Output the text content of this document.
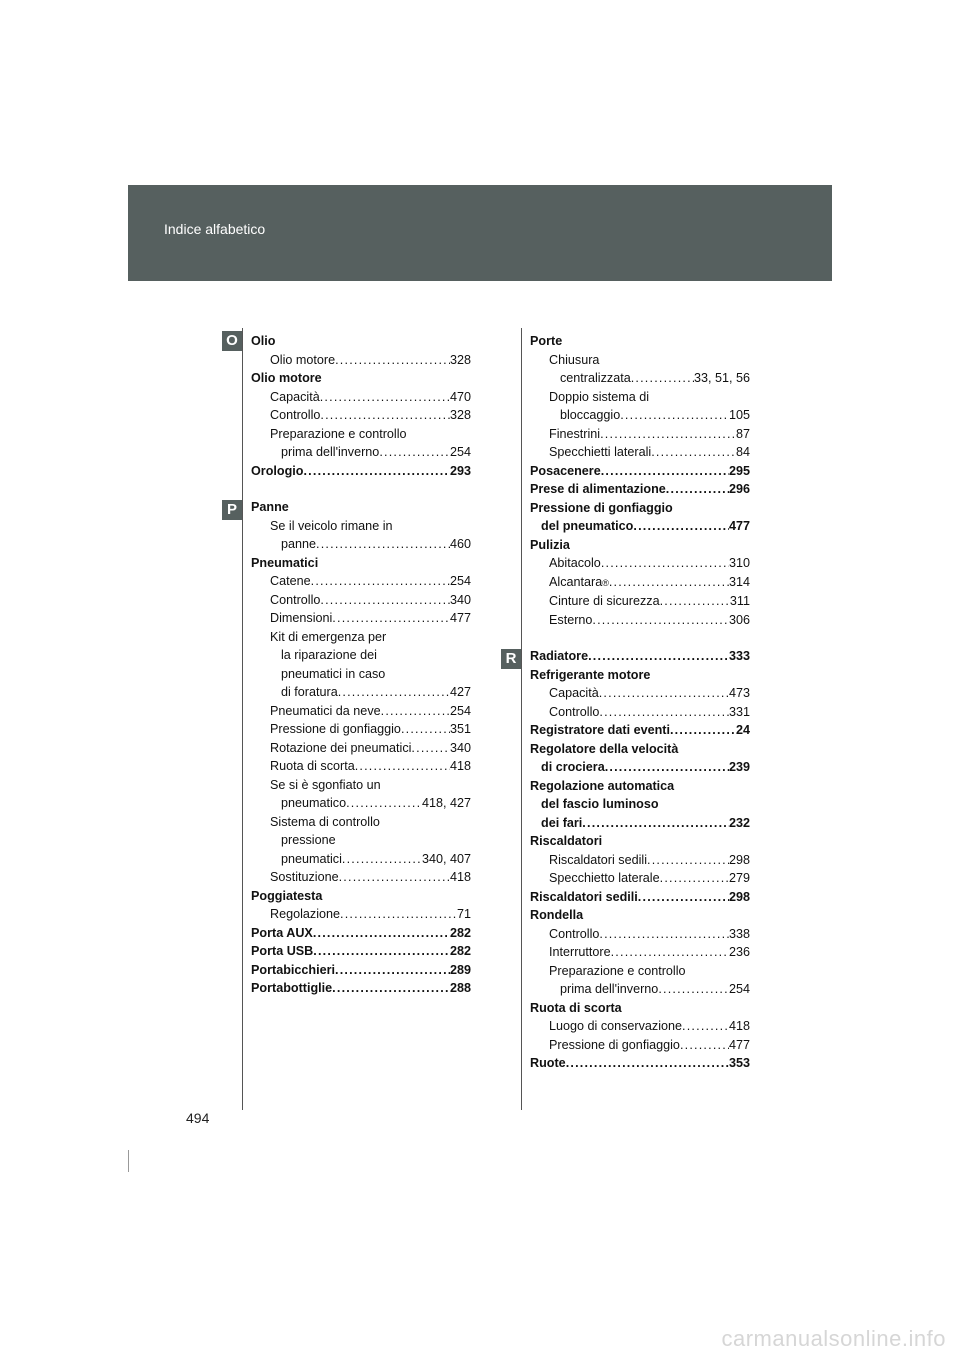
Indice alfabetico
O
P
R
Olio
Olio motore .....	328
Olio motore
Capacità .....	470
Controllo .....	328
Preparazione e controllo
prima dell'inverno .....	254
Orologio .....	293
Panne
Se il veicolo rimane in
panne .....	460
Pneumatici
Catene .....	254
Controllo .....	340
Dimensioni .....	477
Kit di emergenza per
la riparazione dei
pneumatici in caso
di foratura .....	427
Pneumatici da neve .....	254
Pressione di gonfiaggio .....	351
Rotazione dei pneumatici .....	340
Ruota di scorta .....	418
Se si è sgonfiato un
pneumatico .....	418, 427
Sistema di controllo
pressione
pneumatici .....	340, 407
Sostituzione .....	418
Poggiatesta
Regolazione .....	71
Porta AUX .....	282
Porta USB .....	282
Portabicchieri .....	289
Portabottiglie .....	288
Porte
Chiusura
centralizzata .....	33, 51, 56
Doppio sistema di
bloccaggio .....	105
Finestrini .....	87
Specchietti laterali .....	84
Posacenere .....	295
Prese di alimentazione .....	296
Pressione di gonfiaggio
del pneumatico .....	477
Pulizia
Abitacolo .....	310
Alcantara ® .....	314
Cinture di sicurezza .....	311
Esterno .....	306
Radiatore .....	333
Refrigerante motore
Capacità .....	473
Controllo .....	331
Registratore dati eventi .....	24
Regolatore della velocità
di crociera .....	239
Regolazione automatica
del fascio luminoso
dei fari .....	232
Riscaldatori
Riscaldatori sedili .....	298
Specchietto laterale .....	279
Riscaldatori sedili .....	298
Rondella
Controllo .....	338
Interruttore .....	236
Preparazione e controllo
prima dell'inverno .....	254
Ruota di scorta
Luogo di conservazione .....	418
Pressione di gonfiaggio .....	477
Ruote .....	353
494
carmanualsonline.info
